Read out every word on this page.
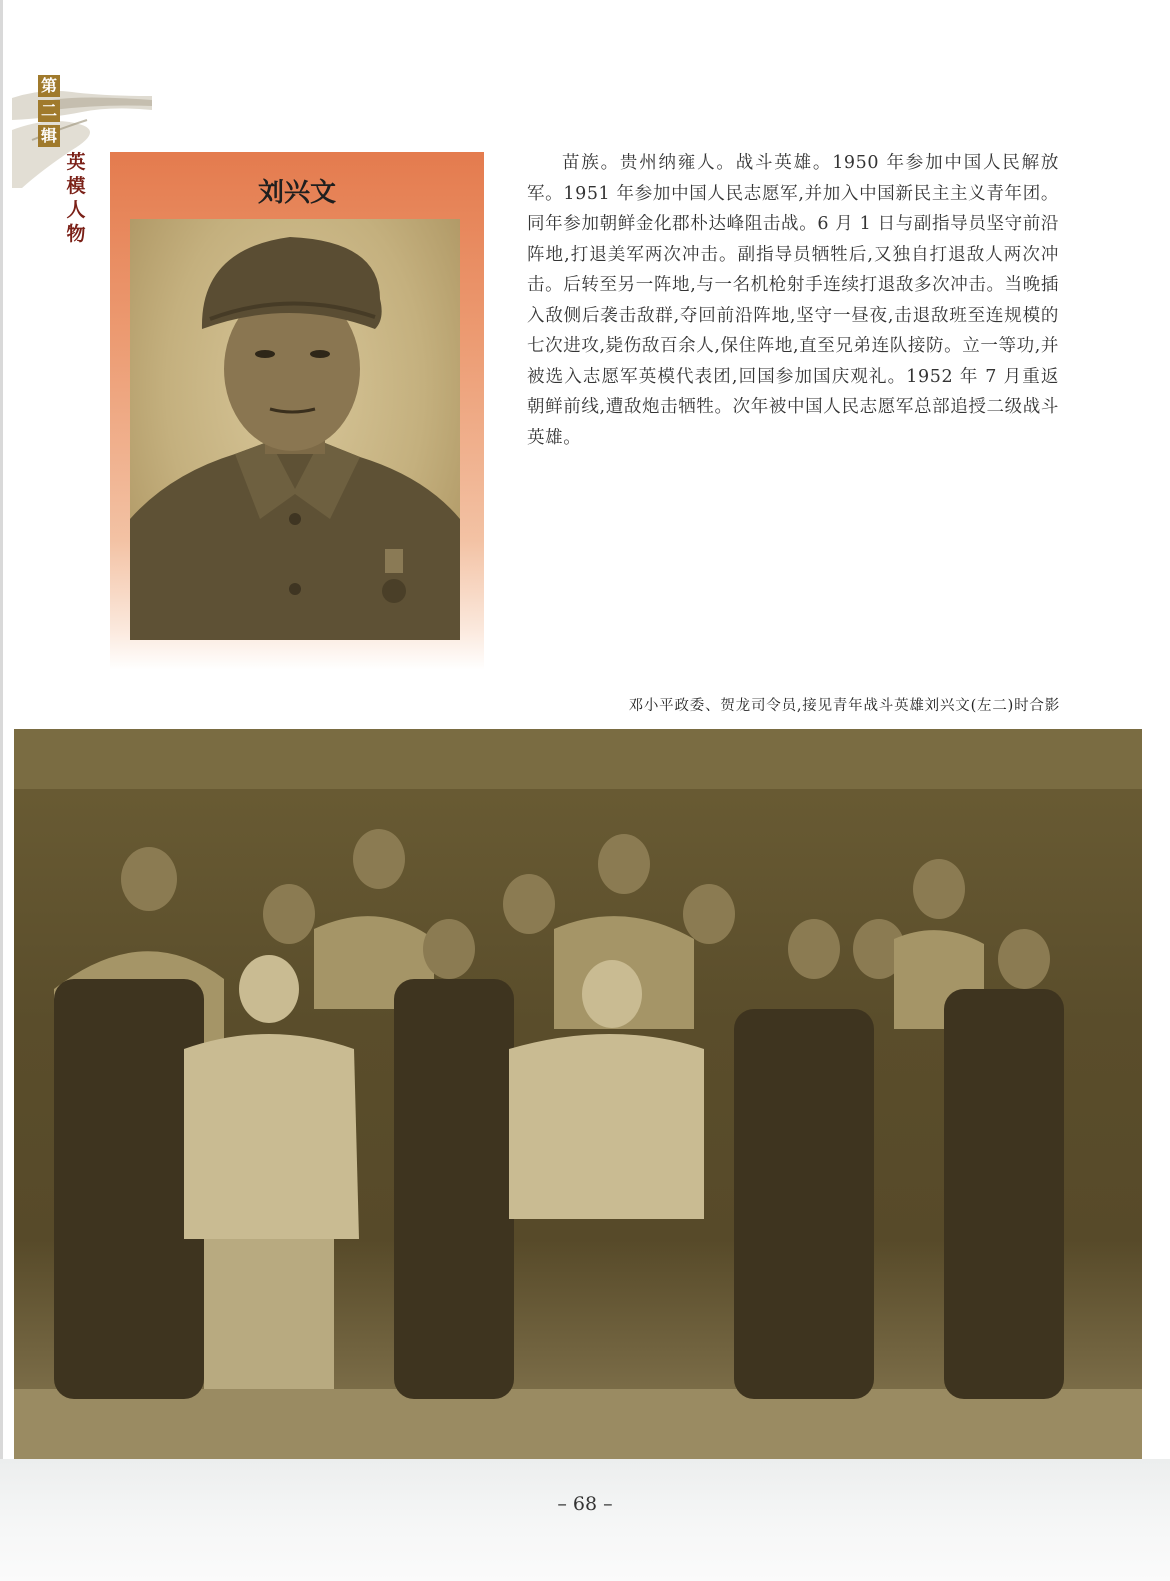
第
二
辑
英模人物
刘兴文
苗族。贵州纳雍人。战斗英雄。1950 年参加中国人民解放军。1951 年参加中国人民志愿军,并加入中国新民主主义青年团。同年参加朝鲜金化郡朴达峰阻击战。6 月 1 日与副指导员坚守前沿阵地,打退美军两次冲击。副指导员牺牲后,又独自打退敌人两次冲击。后转至另一阵地,与一名机枪射手连续打退敌多次冲击。当晚插入敌侧后袭击敌群,夺回前沿阵地,坚守一昼夜,击退敌班至连规模的七次进攻,毙伤敌百余人,保住阵地,直至兄弟连队接防。立一等功,并被选入志愿军英模代表团,回国参加国庆观礼。1952 年 7 月重返朝鲜前线,遭敌炮击牺牲。次年被中国人民志愿军总部追授二级战斗英雄。
邓小平政委、贺龙司令员,接见青年战斗英雄刘兴文(左二)时合影
– 68 –
